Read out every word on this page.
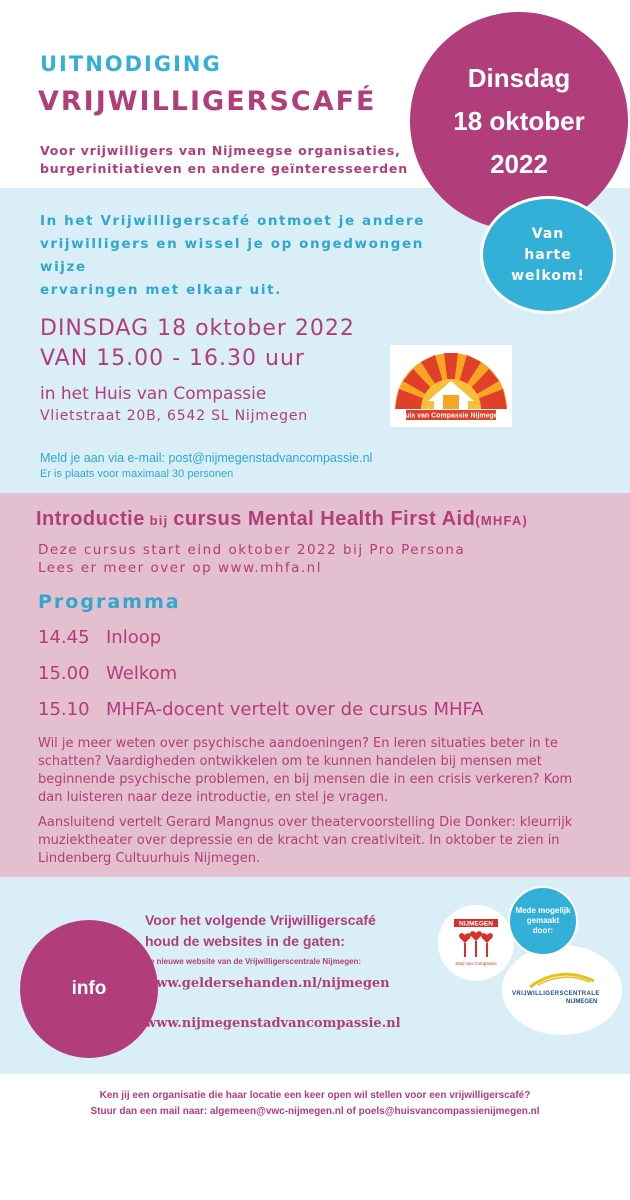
UITNODIGING
VRIJWILLIGERSCAFÉ
Voor vrijwilligers van Nijmeegse organisaties,
burgerinitiatieven en andere geïnteresseerden
Dinsdag
18 oktober
2022
Van
harte
welkom!
In het Vrijwilligerscafé ontmoet je andere
vrijwilligers en wissel je op ongedwongen wijze
ervaringen met elkaar uit.
DINSDAG 18 oktober 2022
VAN 15.00 - 16.30 uur
in het Huis van Compassie
Vlietstraat 20B, 6542 SL Nijmegen	Huis van Compassie Nijmegen
Meld je aan via e-mail: post@nijmegenstadvancompassie.nl
Er is plaats voor maximaal 30 personen
Introductie bij cursus Mental Health First Aid(MHFA)
Deze cursus start eind oktober 2022 bij Pro Persona
Lees er meer over op www.mhfa.nl
Programma
14.45 Inloop
15.00 Welkom
15.10 MHFA-docent vertelt over de cursus MHFA
Wil je meer weten over psychische aandoeningen? En leren situaties beter in te schatten? Vaardigheden ontwikkelen om te kunnen handelen bij mensen met beginnende psychische problemen, en bij mensen die in een crisis verkeren? Kom dan luisteren naar deze introductie, en stel je vragen.
Aansluitend vertelt Gerard Mangnus over theatervoorstelling Die Donker: kleurrijk muziektheater over depressie en de kracht van creativiteit. In oktober te zien in Lindenberg Cultuurhuis Nijmegen.
info
Voor het volgende Vrijwilligerscafé
houd de websites in de gaten:
de nieuwe website van de Vrijwilligerscentrale Nijmegen:
www.geldersehanden.nl/nijmegen
of
www.nijmegenstadvancompassie.nl
NIJMEGEN
Stad van Compassie
VRIJWILLIGERSCENTRALE
NIJMEGEN
Mede mogelijk
gemaakt
door:
Ken jij een organisatie die haar locatie een keer open wil stellen voor een vrijwilligerscafé?
Stuur dan een mail naar: algemeen@vwc-nijmegen.nl of poels@huisvancompassienijmegen.nl
